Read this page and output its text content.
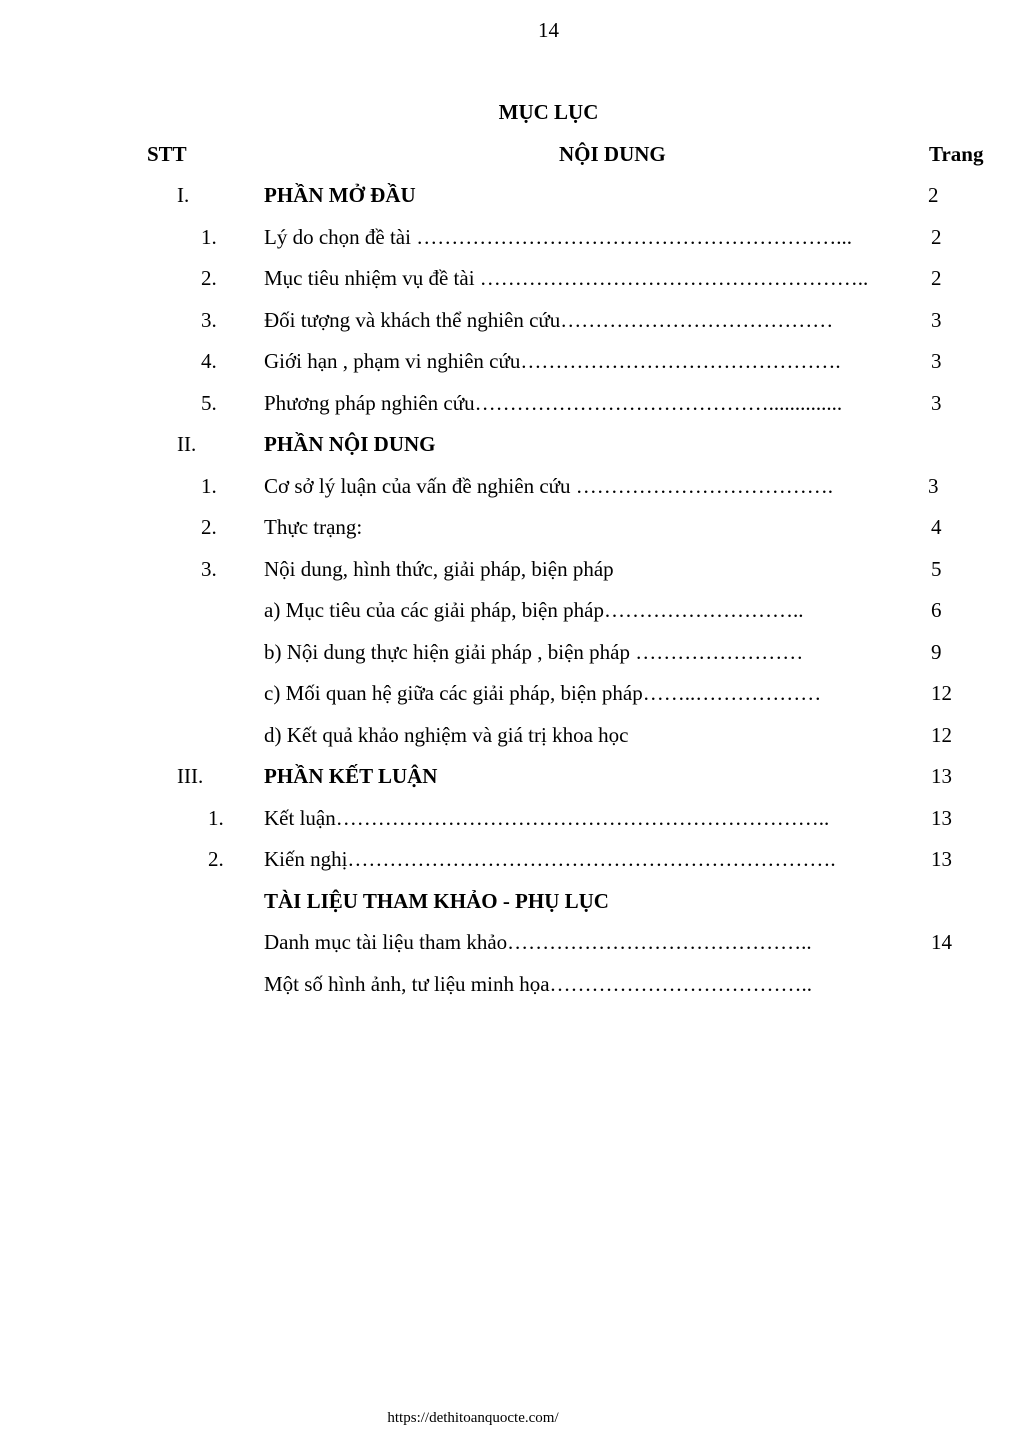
14
MỤC LỤC
STT	NỘI DUNG	Trang
I.	PHẦN MỞ ĐẦU	2
1. Lý do chọn đề tài ……………………………………………………...	2
2. Mục tiêu nhiệm vụ đề tài ………………………………………………..	2
3. Đối tượng và khách thể nghiên cứu…………………………………	3
4. Giới hạn , phạm vi nghiên cứu……………………………………….	3
5. Phương pháp nghiên cứu……………………………………..............	3
II.	PHẦN NỘI DUNG
1. Cơ sở lý luận của vấn đề nghiên cứu ……………………………….	3
2. Thực trạng:	4
3. Nội dung, hình thức, giải pháp, biện pháp	5
a) Mục tiêu của các giải pháp, biện pháp………………………..	6
b) Nội dung thực hiện giải pháp , biện pháp ……………………	9
c) Mối quan hệ giữa các giải pháp, biện pháp……..………………	12
d) Kết quả khảo nghiệm và giá trị khoa học	12
III.	PHẦN KẾT LUẬN	13
1. Kết luận……………………………………………………………..	13
2. Kiến nghị…………………………………………………………….	13
TÀI LIỆU THAM KHẢO - PHỤ LỤC
Danh mục tài liệu tham khảo……………………………………..	14
Một số hình ảnh, tư liệu minh họa………………………………..
https://dethitoanquocte.com/
